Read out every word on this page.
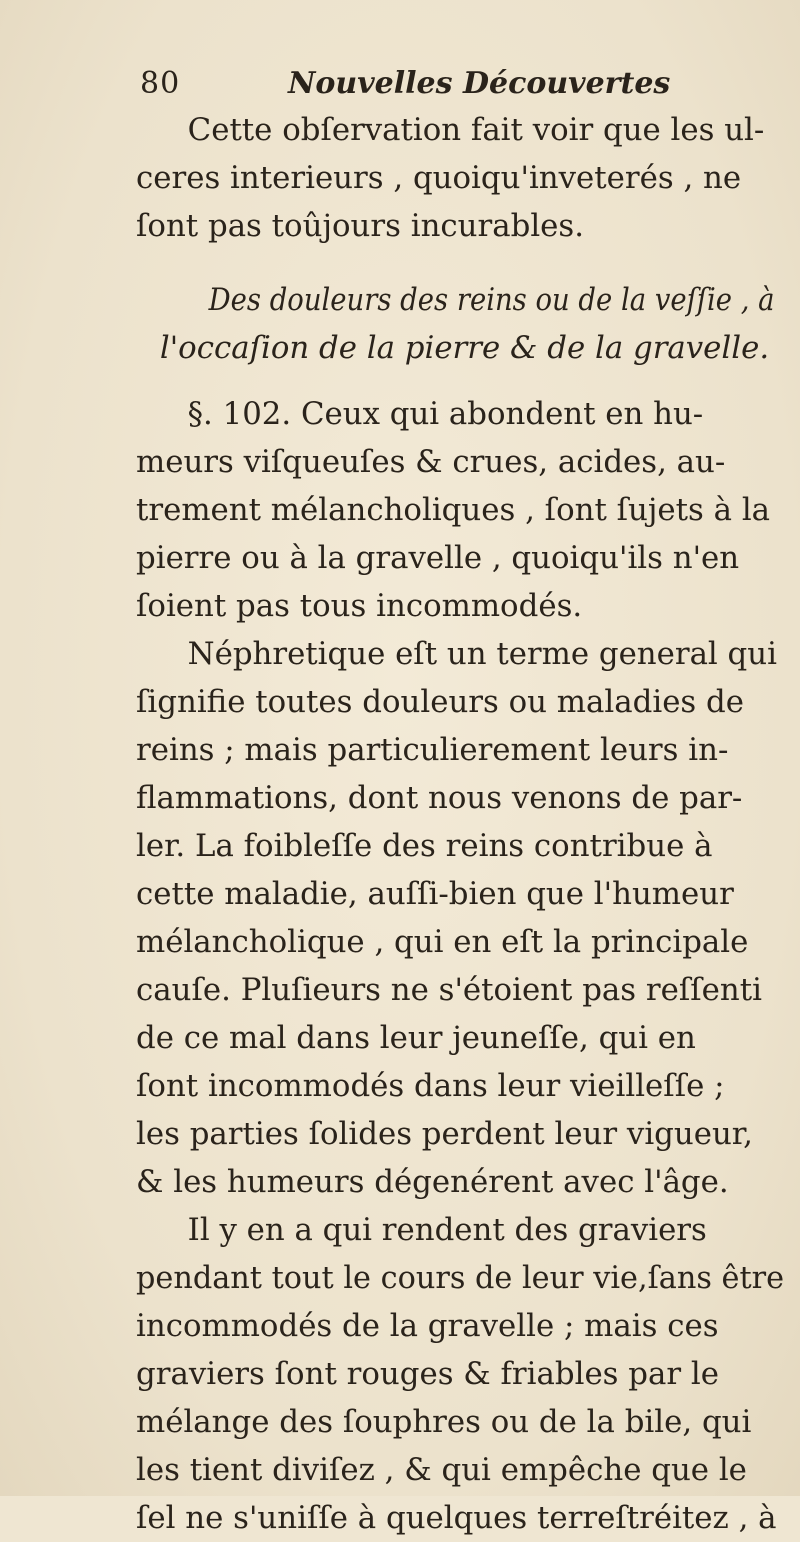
80	Nouvelles Découvertes
Cette obſervation fait voir que les ul-
ceres interieurs , quoiqu'inveterés , ne
ſont pas toûjours incurables.
Des douleurs des reins ou de la veſſie , à
l'occaſion de la pierre & de la gravelle.
§. 102. Ceux qui abondent en hu-
meurs viſqueuſes & crues, acides, au-
trement mélancholiques , ſont ſujets à la
pierre ou à la gravelle , quoiqu'ils n'en
ſoient pas tous incommodés.
Néphretique eſt un terme general qui
ſignifie toutes douleurs ou maladies de
reins ; mais particulierement leurs in-
flammations, dont nous venons de par-
ler. La foibleſſe des reins contribue à
cette maladie, auſſi-bien que l'humeur
mélancholique , qui en eſt la principale
cauſe. Pluſieurs ne s'étoient pas reſſenti
de ce mal dans leur jeuneſſe, qui en
ſont incommodés dans leur vieilleſſe ;
les parties ſolides perdent leur vigueur,
& les humeurs dégenérent avec l'âge.
Il y en a qui rendent des graviers
pendant tout le cours de leur vie,ſans être
incommodés de la gravelle ; mais ces
graviers ſont rouges & friables par le
mélange des ſouphres ou de la bile, qui
les tient diviſez , & qui empêche que le
ſel ne s'uniſſe à quelques terreſtréitez , à
